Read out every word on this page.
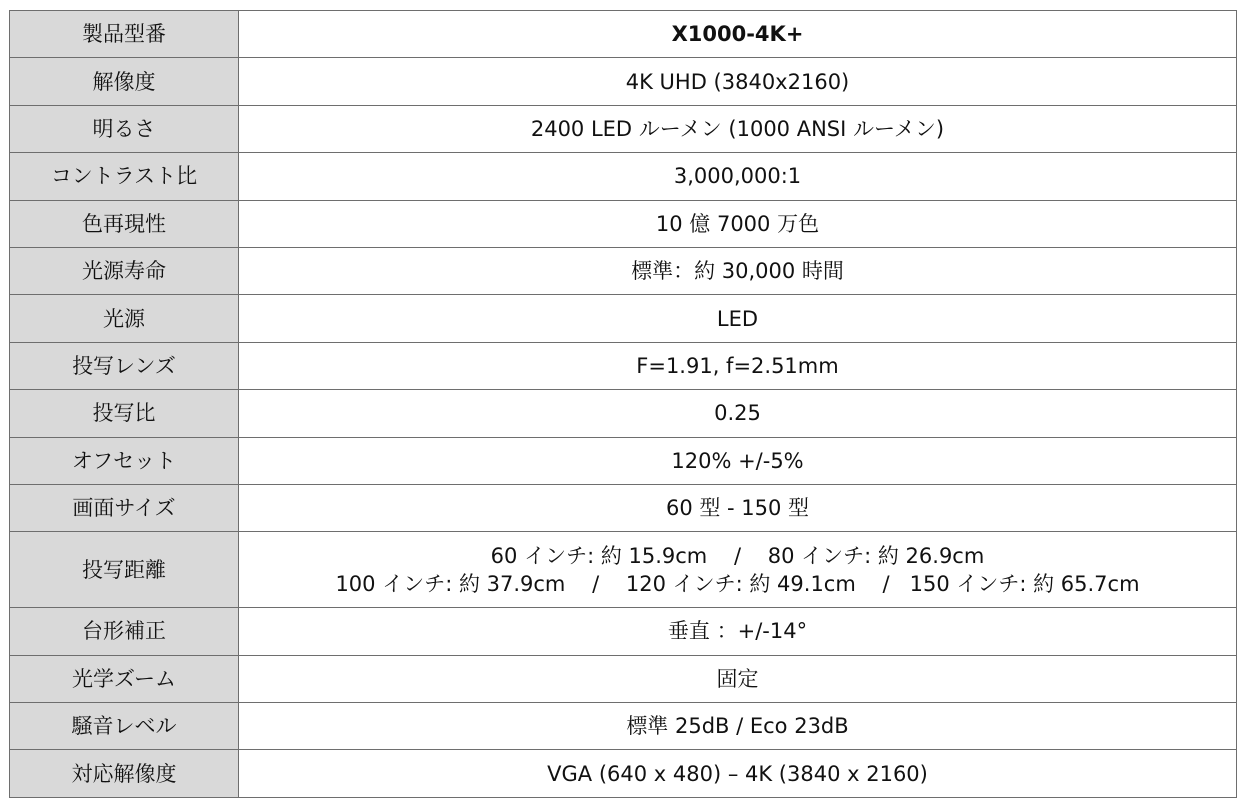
製品型番	X1000-4K+
解像度	4K UHD (3840x2160)
明るさ	2400 LED ルーメン (1000 ANSI ルーメン)
コントラスト比	3,000,000:1
色再現性	10 億 7000 万色
光源寿命	標準：約 30,000 時間
光源	LED
投写レンズ	F=1.91, f=2.51mm
投写比	0.25
オフセット	120% +/-5%
画面サイズ	60 型 - 150 型
投写距離	60 インチ: 約 15.9cm    /    80 インチ: 約 26.9cm
100 インチ: 約 37.9cm    /    120 インチ: 約 49.1cm    /   150 インチ: 約 65.7cm

台形補正	垂直 ：+/-14°
光学ズーム	固定
騒音レベル	標準 25dB / Eco 23dB
対応解像度	VGA (640 x 480) – 4K (3840 x 2160)
